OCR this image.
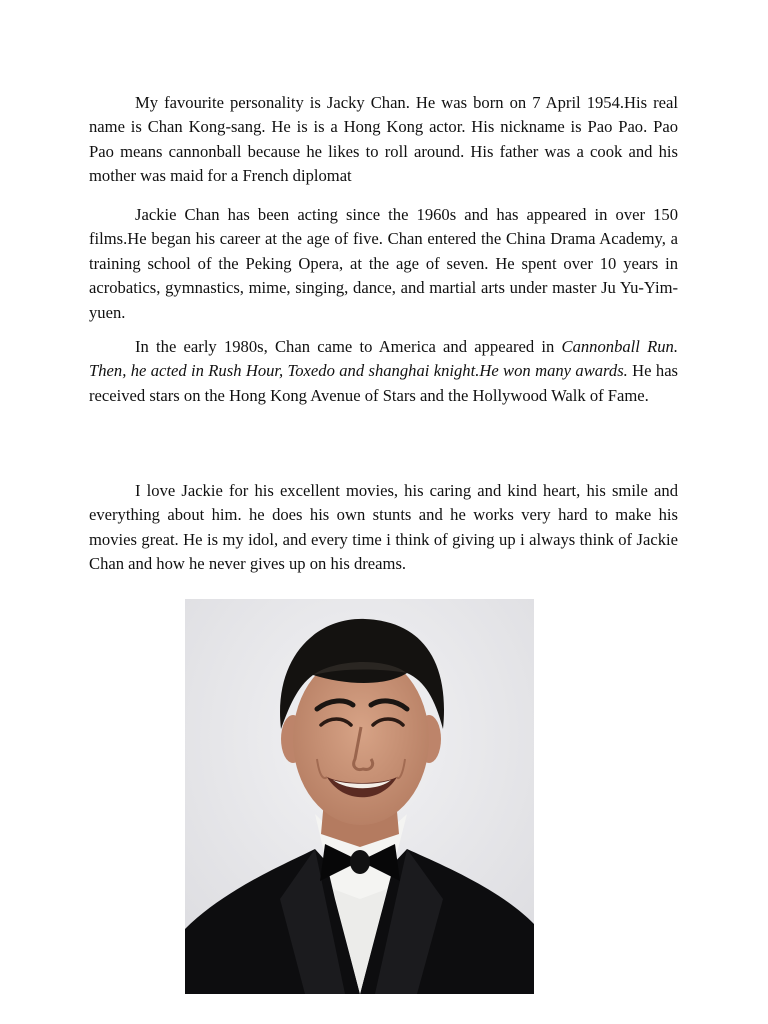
My favourite personality is Jacky Chan. He was born on 7 April 1954.His real name is Chan Kong-sang. He is is a Hong Kong actor. His nickname is Pao Pao. Pao Pao means cannonball because he likes to roll around. His father was a cook and his mother was maid for a French diplomat

Jackie Chan has been acting since the 1960s and has appeared in over 150 films.He began his career at the age of five. Chan entered the China Drama Academy, a training school of the Peking Opera, at the age of seven. He spent over 10 years in acrobatics, gymnastics, mime, singing, dance, and martial arts under master Ju Yu-Yim-yuen.

In the early 1980s, Chan came to America and appeared in Cannonball Run. Then, he acted in Rush Hour, Toxedo and shanghai knight.He won many awards. He has received stars on the Hong Kong Avenue of Stars and the Hollywood Walk of Fame.

I love Jackie for his excellent movies, his caring and kind heart, his smile and everything about him. he does his own stunts and he works very hard to make his movies great. He is my idol, and every time i think of giving up i always think of Jackie Chan and how he never gives up on his dreams.
